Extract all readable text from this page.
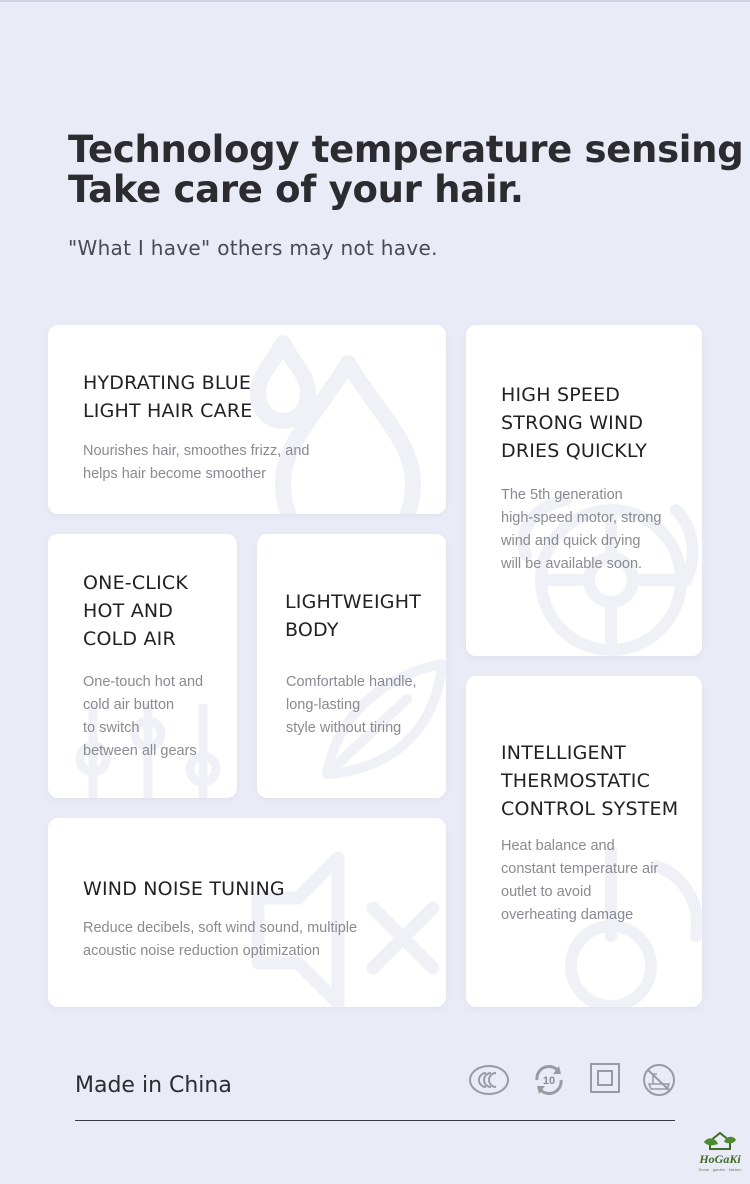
Technology temperature sensing
Take care of your hair.

"What I have" others may not have.

HYDRATING BLUE
LIGHT HAIR CARE

Nourishes hair, smoothes frizz, and
helps hair become smoother

HIGH SPEED
STRONG WIND
DRIES QUICKLY

The 5th generation
high-speed motor, strong
wind and quick drying
will be available soon.

ONE-CLICK
HOT AND
COLD AIR

One-touch hot and
cold air button
to switch
between all gears

LIGHTWEIGHT
BODY

Comfortable handle,
long-lasting
style without tiring

INTELLIGENT
THERMOSTATIC
CONTROL SYSTEM

Heat balance and
constant temperature air
outlet to avoid
overheating damage

WIND NOISE TUNING

Reduce decibels, soft wind sound, multiple
acoustic noise reduction optimization

Made in China	10
HoGaKi
Home · garden · kitchen
